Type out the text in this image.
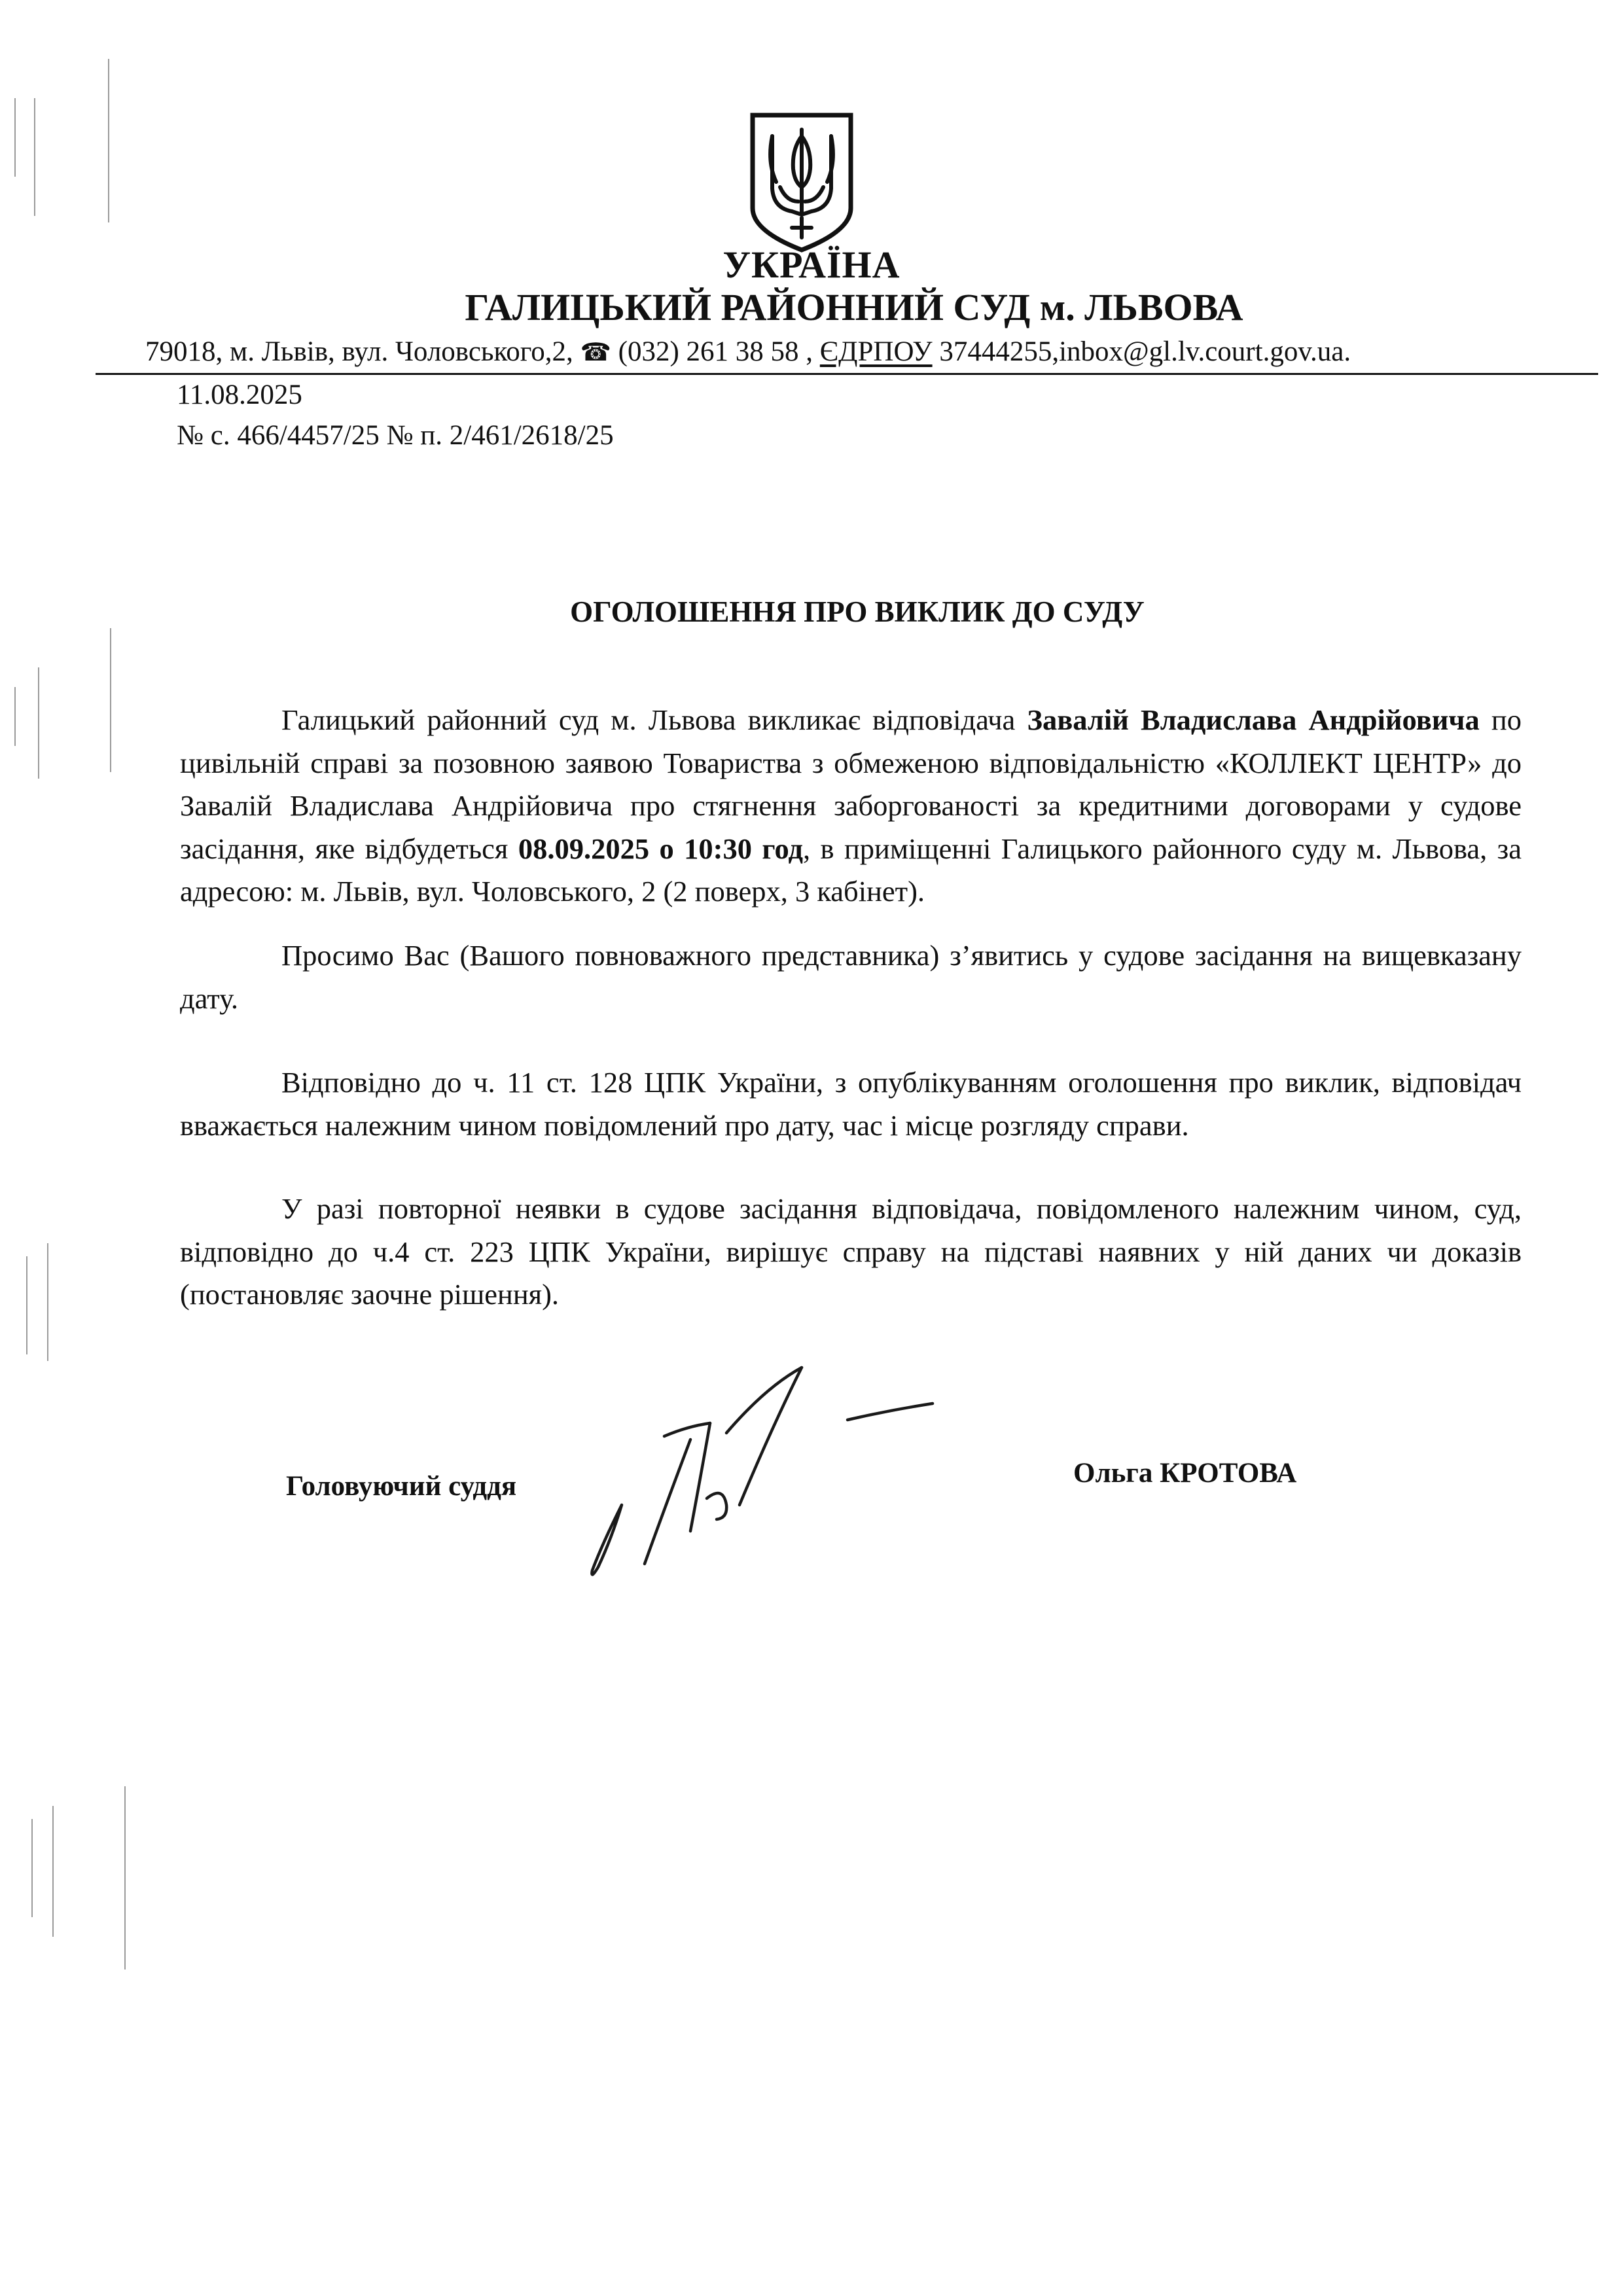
УКРАЇНА
ГАЛИЦЬКИЙ РАЙОННИЙ СУД м. ЛЬВОВА
79018, м. Львів, вул. Чоловського,2, ☎ (032) 261 38 58 , ЄДРПОУ 37444255,inbox@gl.lv.court.gov.ua.
11.08.2025
№ с. 466/4457/25 № п. 2/461/2618/25
ОГОЛОШЕННЯ ПРО ВИКЛИК ДО СУДУ
Галицький районний суд м. Львова викликає відповідача Завалій Владислава Андрійовича по цивільній справі за позовною заявою Товариства з обмеженою відповідальністю «КОЛЛЕКТ ЦЕНТР» до Завалій Владислава Андрійовича про стягнення заборгованості за кредитними договорами у судове засідання, яке відбудеться 08.09.2025 о 10:30 год, в приміщенні Галицького районного суду м. Львова, за адресою: м. Львів, вул. Чоловського, 2 (2 поверх, 3 кабінет).
Просимо Вас (Вашого повноважного представника) з’явитись у судове засідання на вищевказану дату.
Відповідно до ч. 11 ст. 128 ЦПК України, з опублікуванням оголошення про виклик, відповідач вважається належним чином повідомлений про дату, час і місце розгляду справи.
У разі повторної неявки в судове засідання відповідача, повідомленого належним чином, суд, відповідно до ч.4 ст. 223 ЦПК України, вирішує справу на підставі наявних у ній даних чи доказів (постановляє заочне рішення).
Головуючий суддя	Ольга КРОТОВА
